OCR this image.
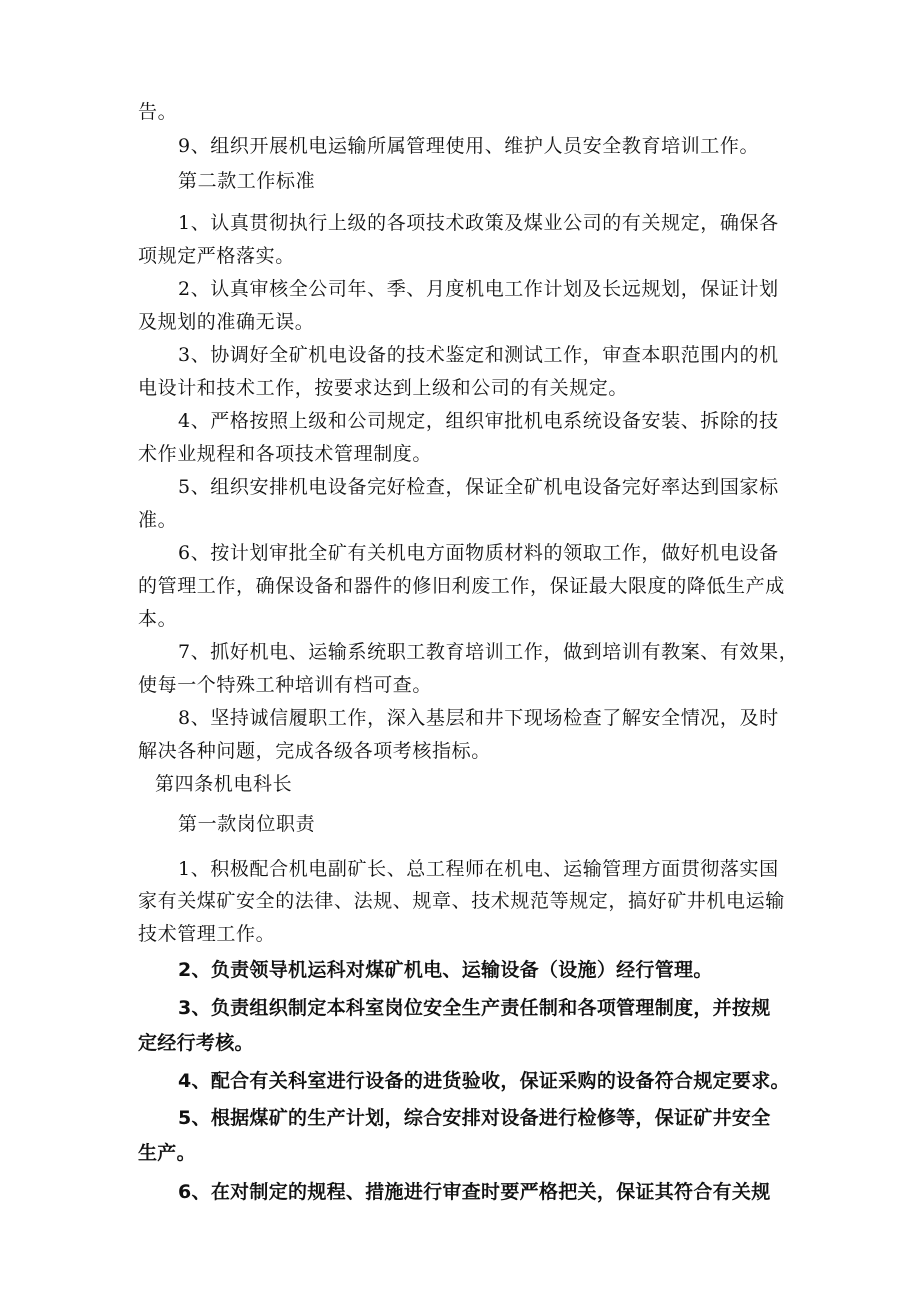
告。
9、组织开展机电运输所属管理使用、维护人员安全教育培训工作。
第二款工作标准
1、认真贯彻执行上级的各项技术政策及煤业公司的有关规定，确保各
项规定严格落实。
2、认真审核全公司年、季、月度机电工作计划及长远规划，保证计划
及规划的准确无误。
3、协调好全矿机电设备的技术鉴定和测试工作，审查本职范围内的机
电设计和技术工作，按要求达到上级和公司的有关规定。
4、严格按照上级和公司规定，组织审批机电系统设备安装、拆除的技
术作业规程和各项技术管理制度。
5、组织安排机电设备完好检查，保证全矿机电设备完好率达到国家标
准。
6、按计划审批全矿有关机电方面物质材料的领取工作，做好机电设备
的管理工作，确保设备和器件的修旧利废工作，保证最大限度的降低生产成
本。
7、抓好机电、运输系统职工教育培训工作，做到培训有教案、有效果，
使每一个特殊工种培训有档可查。
8、坚持诚信履职工作，深入基层和井下现场检查了解安全情况，及时
解决各种问题，完成各级各项考核指标。
第四条机电科长
第一款岗位职责
1、积极配合机电副矿长、总工程师在机电、运输管理方面贯彻落实国
家有关煤矿安全的法律、法规、规章、技术规范等规定，搞好矿井机电运输
技术管理工作。
2、负责领导机运科对煤矿机电、运输设备（设施）经行管理。
3、负责组织制定本科室岗位安全生产责任制和各项管理制度，并按规
定经行考核。
4、配合有关科室进行设备的进货验收，保证采购的设备符合规定要求。
5、根据煤矿的生产计划，综合安排对设备进行检修等，保证矿井安全
生产。
6、在对制定的规程、措施进行审查时要严格把关，保证其符合有关规
